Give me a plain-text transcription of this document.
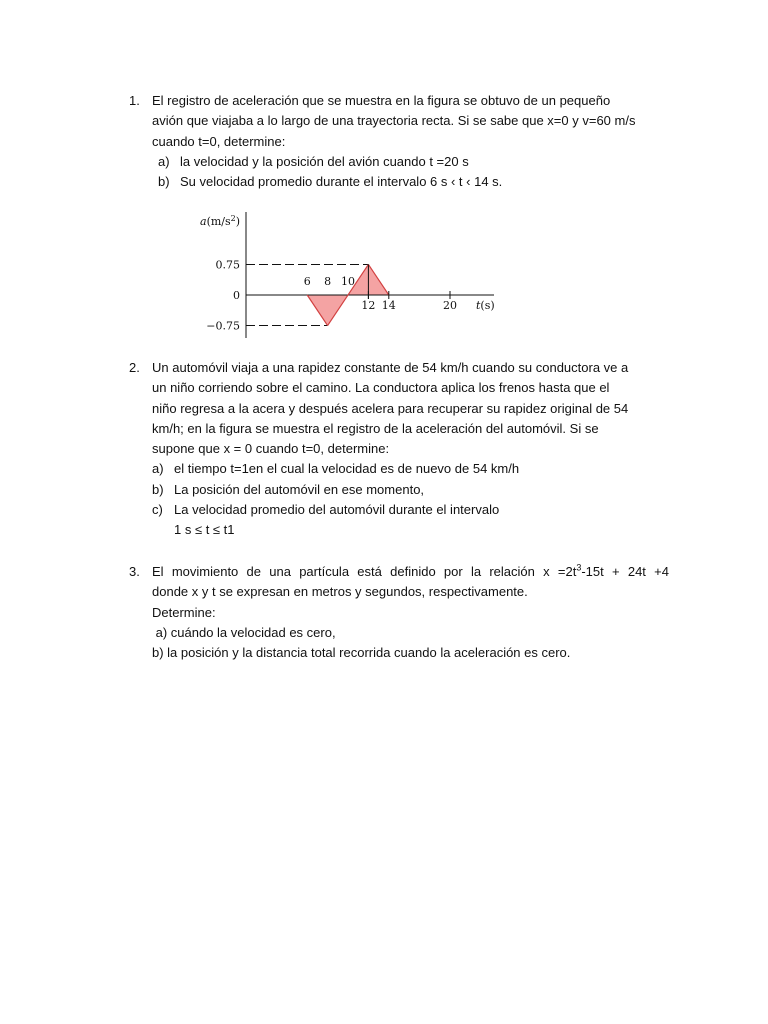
1. El registro de aceleración que se muestra en la figura se obtuvo de un pequeño
avión que viajaba a lo largo de una trayectoria recta. Si se sabe que x=0 y v=60 m/s
cuando t=0, determine:
a) la velocidad y la posición del avión cuando t =20 s
b) Su velocidad promedio durante el intervalo 6 s ‹ t ‹ 14 s.
0.75
0
−0.75
6 8 10
12 14	20
$a(m/s^2)$
t(s)
2. Un automóvil viaja a una rapidez constante de 54 km/h cuando su conductora ve a
un niño corriendo sobre el camino. La conductora aplica los frenos hasta que el
niño regresa a la acera y después acelera para recuperar su rapidez original de 54
km/h; en la figura se muestra el registro de la aceleración del automóvil. Si se
supone que x = 0 cuando t=0, determine:
a) el tiempo t=1en el cual la velocidad es de nuevo de 54 km/h
b) La posición del automóvil en ese momento,
c) La velocidad promedio del automóvil durante el intervalo
1 s ≤ t ≤ t1
3. El movimiento de una partícula está definido por la relación $x =2t^3-15t + 24t +4$
donde x y t se expresan en metros y segundos, respectivamente.
Determine:
a) cuándo la velocidad es cero,
b) la posición y la distancia total recorrida cuando la aceleración es cero.
